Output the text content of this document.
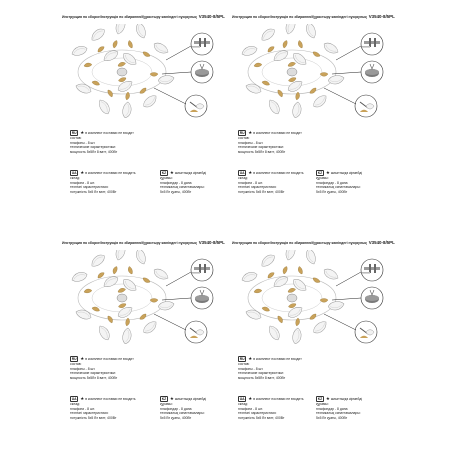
Инструкция по сборке/Інструкція по збиранню/Құрастыру жөніндегі нұсқаулық V3540-8/5PL
RU ★в комплект поставки не входит
состав:
плафоны - 8 шт.
технические характеристики:
мощность 5х5Вт 8 ватт, 400Вт
UA ★в комплект поставки не входить
склад:
плафони - 8 шт.
технічні характеристики:
потужність 5х5 Вт ватт, 400Вт
KZ ★жиынтыққа кірмейді
құрамы:
плафондар - 8 дана
техникалық сипаттамалары:
5х5 Вт қуаты, 400Вт
Инструкция по сборке/Інструкція по збиранню/Құрастыру жөніндегі нұсқаулық V3540-8/5PL
RU ★в комплект поставки не входит
состав:
плафоны - 8 шт.
технические характеристики:
мощность 5х5Вт 8 ватт, 400Вт
UA ★в комплект поставки не входить
склад:
плафони - 8 шт.
технічні характеристики:
потужність 5х5 Вт ватт, 400Вт
KZ ★жиынтыққа кірмейді
құрамы:
плафондар - 8 дана
техникалық сипаттамалары:
5х5 Вт қуаты, 400Вт
Инструкция по сборке/Інструкція по збиранню/Құрастыру жөніндегі нұсқаулық V3540-8/5PL
RU ★в комплект поставки не входит
состав:
плафоны - 8 шт.
технические характеристики:
мощность 5х5Вт 8 ватт, 400Вт
UA ★в комплект поставки не входить
склад:
плафони - 8 шт.
технічні характеристики:
потужність 5х5 Вт ватт, 400Вт
KZ ★жиынтыққа кірмейді
құрамы:
плафондар - 8 дана
техникалық сипаттамалары:
5х5 Вт қуаты, 400Вт
Инструкция по сборке/Інструкція по збиранню/Құрастыру жөніндегі нұсқаулық V3540-8/5PL
RU ★в комплект поставки не входит
состав:
плафоны - 8 шт.
технические характеристики:
мощность 5х5Вт 8 ватт, 400Вт
UA ★в комплект поставки не входить
склад:
плафони - 8 шт.
технічні характеристики:
потужність 5х5 Вт ватт, 400Вт
KZ ★жиынтыққа кірмейді
құрамы:
плафондар - 8 дана
техникалық сипаттамалары:
5х5 Вт қуаты, 400Вт
